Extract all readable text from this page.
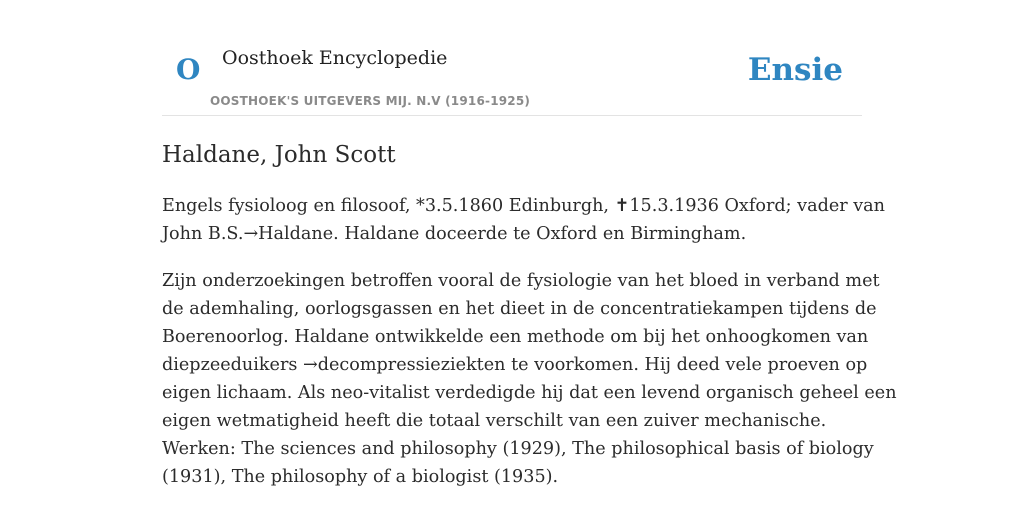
O Oosthoek Encyclopedie
OOSTHOEK'S UITGEVERS MIJ. N.V (1916-1925)
Ensie
Haldane, John Scott

Engels fysioloog en filosoof, *3.5.1860 Edinburgh, ✝15.3.1936 Oxford; vader van
John B.S.→Haldane. Haldane doceerde te Oxford en Birmingham.

Zijn onderzoekingen betroffen vooral de fysiologie van het bloed in verband met
de ademhaling, oorlogsgassen en het dieet in de concentratiekampen tijdens de
Boerenoorlog. Haldane ontwikkelde een methode om bij het onhoogkomen van
diepzeeduikers →decompressieziekten te voorkomen. Hij deed vele proeven op
eigen lichaam. Als neo-vitalist verdedigde hij dat een levend organisch geheel een
eigen wetmatigheid heeft die totaal verschilt van een zuiver mechanische.
Werken: The sciences and philosophy (1929), The philosophical basis of biology
(1931), The philosophy of a biologist (1935).
